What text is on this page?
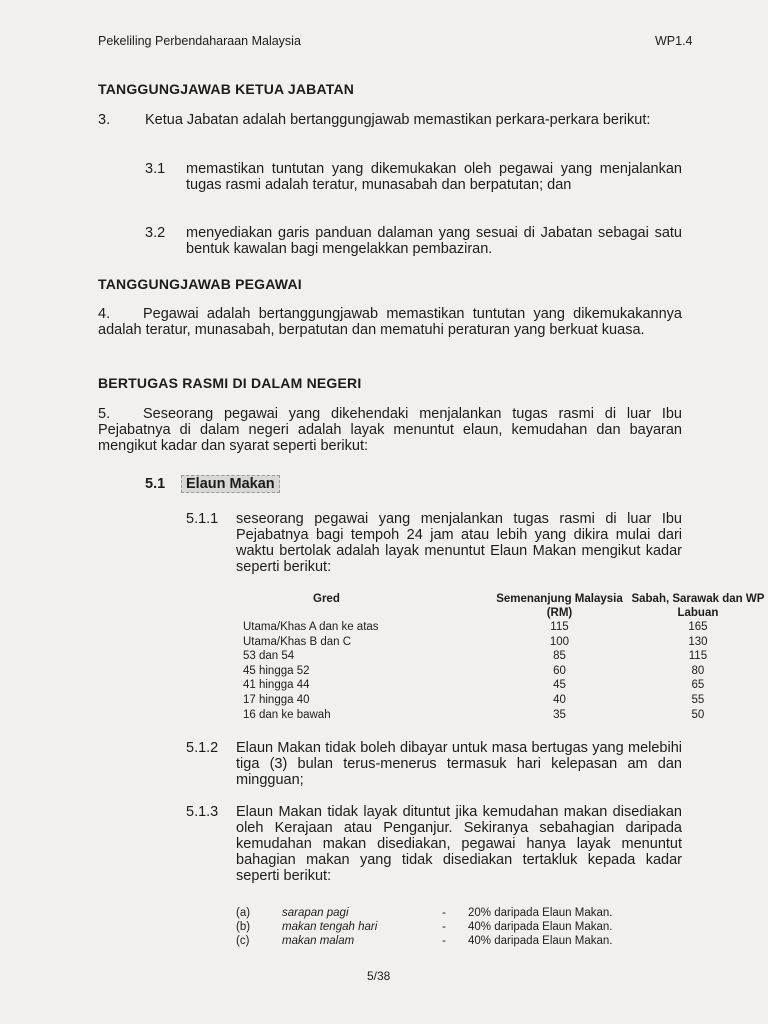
Pekeliling Perbendaharaan Malaysia	WP1.4
TANGGUNGJAWAB KETUA JABATAN
3. Ketua Jabatan adalah bertanggungjawab memastikan perkara-perkara berikut:
3.1 memastikan tuntutan yang dikemukakan oleh pegawai yang menjalankan tugas rasmi adalah teratur, munasabah dan berpatutan; dan
3.2 menyediakan garis panduan dalaman yang sesuai di Jabatan sebagai satu bentuk kawalan bagi mengelakkan pembaziran.
TANGGUNGJAWAB PEGAWAI
4. Pegawai adalah bertanggungjawab memastikan tuntutan yang dikemukakannya adalah teratur, munasabah, berpatutan dan mematuhi peraturan yang berkuat kuasa.
BERTUGAS RASMI DI DALAM NEGERI
5. Seseorang pegawai yang dikehendaki menjalankan tugas rasmi di luar Ibu Pejabatnya di dalam negeri adalah layak menuntut elaun, kemudahan dan bayaran mengikut kadar dan syarat seperti berikut:
5.1 Elaun Makan
5.1.1 seseorang pegawai yang menjalankan tugas rasmi di luar Ibu Pejabatnya bagi tempoh 24 jam atau lebih yang dikira mulai dari waktu bertolak adalah layak menuntut Elaun Makan mengikut kadar seperti berikut:
Gred	Semenanjung Malaysia (RM)	Sabah, Sarawak dan WP Labuan
Utama/Khas A dan ke atas	115	165
Utama/Khas B dan C	100	130
53 dan 54	85	115
45 hingga 52	60	80
41 hingga 44	45	65
17 hingga 40	40	55
16 dan ke bawah	35	50
5.1.2 Elaun Makan tidak boleh dibayar untuk masa bertugas yang melebihi tiga (3) bulan terus-menerus termasuk hari kelepasan am dan mingguan;
5.1.3 Elaun Makan tidak layak dituntut jika kemudahan makan disediakan oleh Kerajaan atau Penganjur. Sekiranya sebahagian daripada kemudahan makan disediakan, pegawai hanya layak menuntut bahagian makan yang tidak disediakan tertakluk kepada kadar seperti berikut:
(a)	sarapan pagi	-	20% daripada Elaun Makan.
(b)	makan tengah hari	-	40% daripada Elaun Makan.
(c)	makan malam	-	40% daripada Elaun Makan.
5/38
